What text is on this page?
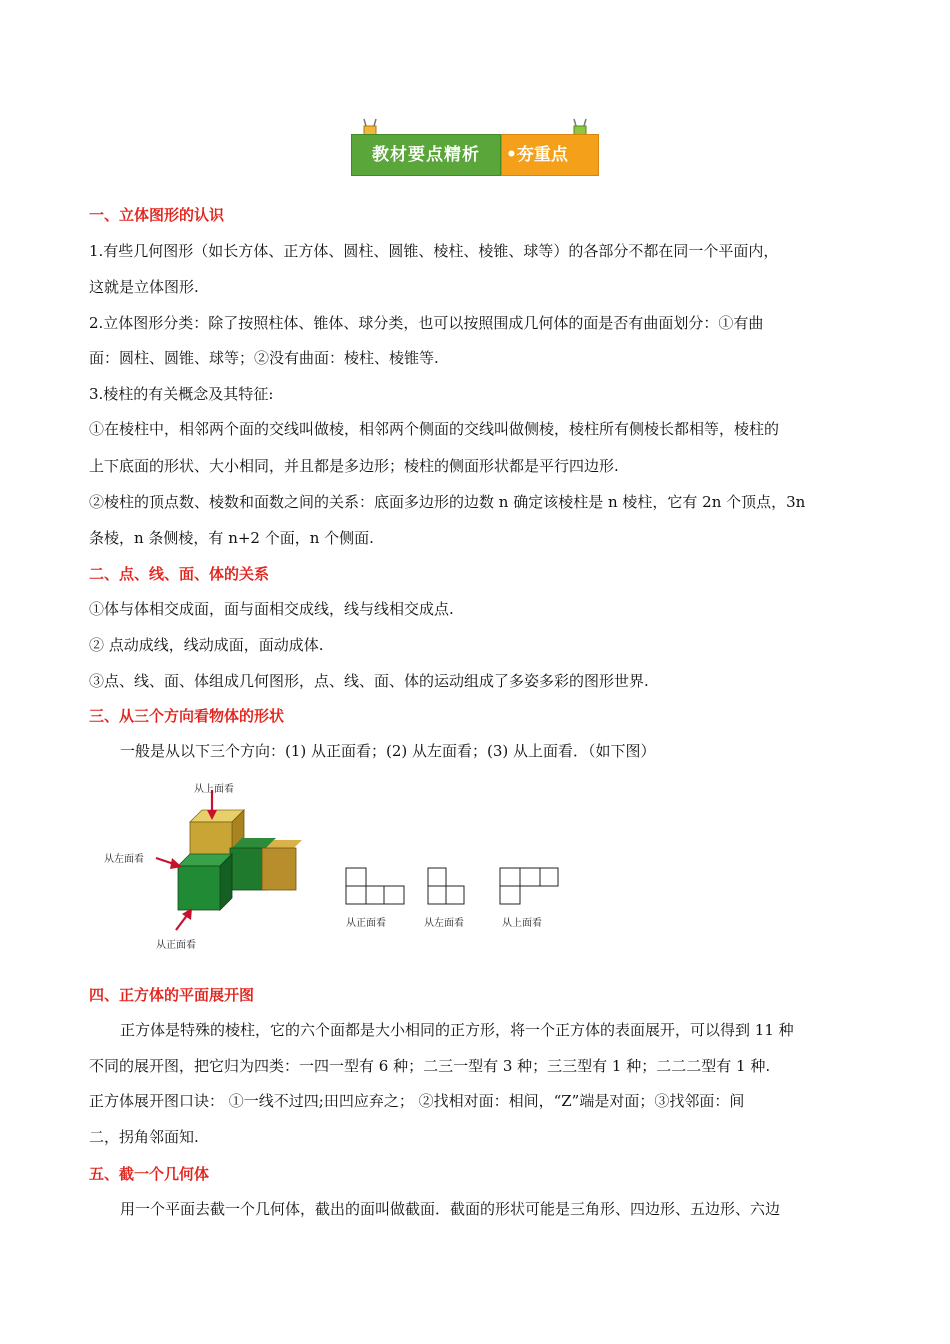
教材要点精析	•夯重点
一、立体图形的认识
1.有些几何图形（如长方体、正方体、圆柱、圆锥、棱柱、棱锥、球等）的各部分不都在同一个平面内，
这就是立体图形.
2.立体图形分类：除了按照柱体、锥体、球分类，也可以按照围成几何体的面是否有曲面划分：①有曲
面：圆柱、圆锥、球等；②没有曲面：棱柱、棱锥等.
3.棱柱的有关概念及其特征:
①在棱柱中，相邻两个面的交线叫做棱，相邻两个侧面的交线叫做侧棱，棱柱所有侧棱长都相等，棱柱的
上下底面的形状、大小相同，并且都是多边形；棱柱的侧面形状都是平行四边形.
②棱柱的顶点数、棱数和面数之间的关系：底面多边形的边数 n 确定该棱柱是 n 棱柱，它有 2n 个顶点，3n
条棱，n 条侧棱，有 n+2 个面，n 个侧面.
二、点、线、面、体的关系
①体与体相交成面，面与面相交成线，线与线相交成点.
② 点动成线，线动成面，面动成体.
③点、线、面、体组成几何图形，点、线、面、体的运动组成了多姿多彩的图形世界.
三、从三个方向看物体的形状
一般是从以下三个方向：(1) 从正面看；(2) 从左面看；(3) 从上面看．（如下图）
从上面看
从左面看
从正面看
从正面看	从左面看	从上面看
四、正方体的平面展开图
正方体是特殊的棱柱，它的六个面都是大小相同的正方形，将一个正方体的表面展开，可以得到 11 种
不同的展开图，把它归为四类：一四一型有 6 种；二三一型有 3 种；三三型有 1 种；二二二型有 1 种.
正方体展开图口诀： ①一线不过四;田凹应弃之； ②找相对面：相间，“Z”端是对面；③找邻面：间
二，拐角邻面知.
五、截一个几何体
用一个平面去截一个几何体，截出的面叫做截面．截面的形状可能是三角形、四边形、五边形、六边
